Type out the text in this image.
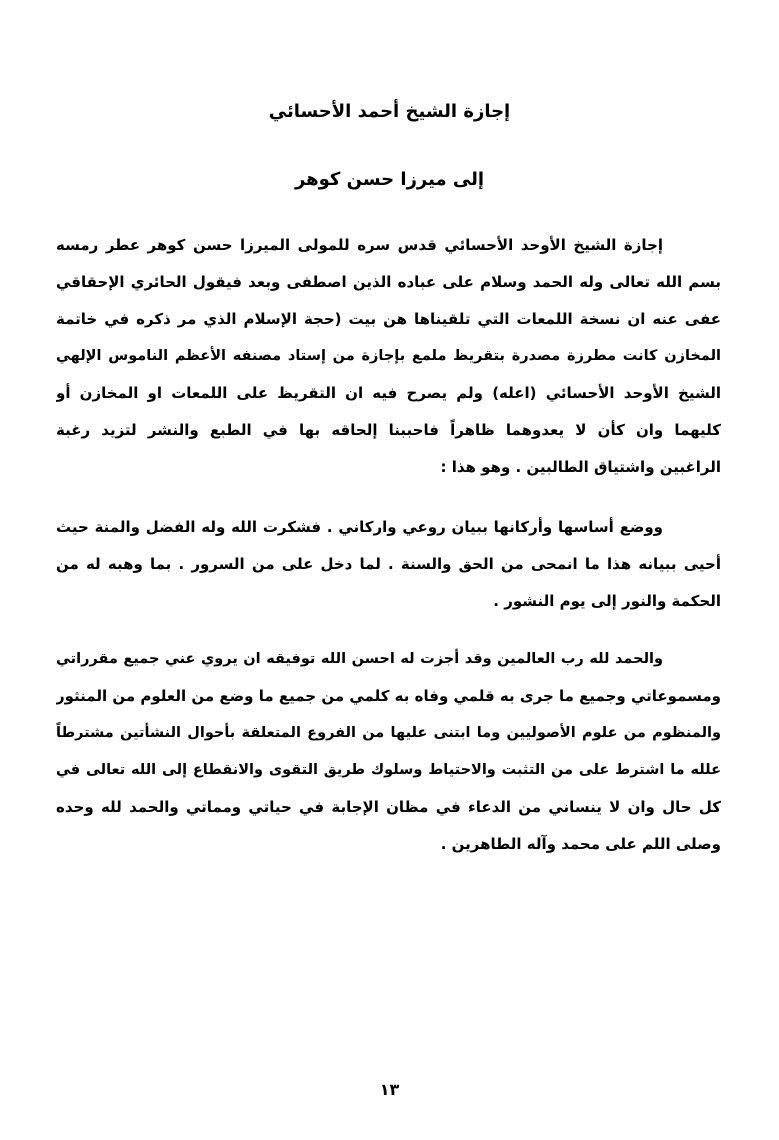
إجازة الشيخ أحمد الأحسائي
إلى ميرزا حسن كوهر
إجازة الشيخ الأوحد الأحسائي قدس سره للمولى الميرزا حسن كوهر عطر رمسه
بسم الله تعالى وله الحمد وسلام على عباده الذين اصطفى وبعد فيقول الحائري الإحقاقي
عفى عنه ان نسخة اللمعات التي تلقيناها هن بيت (حجة الإسلام الذي مر ذكره في خاتمة
المخازن كانت مطرزة مصدرة بتقريظ ملمع بإجازة من إستاد مصنفه الأعظم الناموس الإلهي
الشيخ الأوحد الأحسائي (اعله) ولم يصرح فيه ان التقريظ على اللمعات او المخازن أو
كليهما وان كأن لا يعدوهما ظاهراً فاحببنا إلحاقه بها في الطبع والنشر لتزيد رغبة
الراغبين واشتياق الطالبين . وهو هذا :
ووضع أساسها وأركانها ببيان روعي واركاني . فشكرت الله وله الفضل والمنة حيث
أحيى ببيانه هذا ما انمحى من الحق والسنة . لما دخل على من السرور . بما وهبه له من
الحكمة والنور إلى يوم النشور .
والحمد لله رب العالمين وقد أجزت له احسن الله توفيقه ان يروي عني جميع مقرراتي
ومسموعاتي وجميع ما جرى به قلمي وفاه به كلمي من جميع ما وضع من العلوم من المنثور
والمنظوم من علوم الأصوليين وما ابتنى عليها من الفروع المتعلقة بأحوال النشأتين مشترطاً
علله ما اشترط على من التثبت والاحتياط وسلوك طريق التقوى والانقطاع إلى الله تعالى في
كل حال وان لا ينساني من الدعاء في مظان الإجابة في حياتي ومماتي والحمد لله وحده
وصلى اللم على محمد وآله الطاهرين .
١٣
